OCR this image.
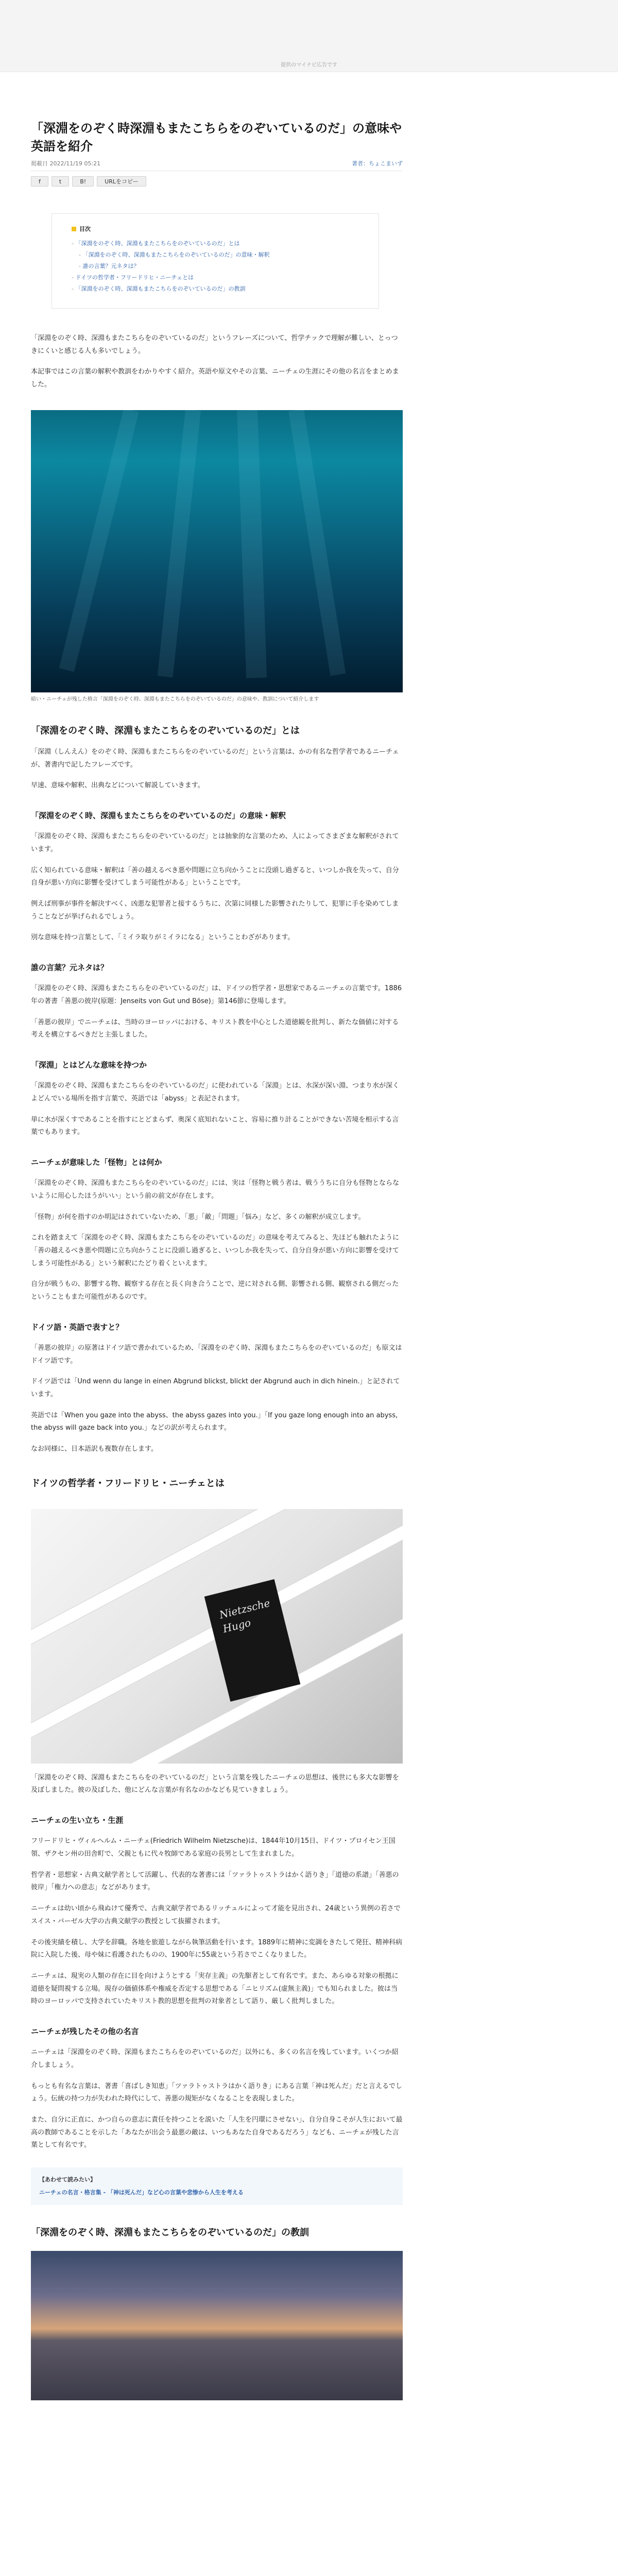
提供のマイナビ広告です
「深淵をのぞく時深淵もまたこちらをのぞいているのだ」の意味や英語を紹介
掲載日 2022/11/19 05:21	著者：ちょこまいず
f	t	B!	URLをコピー
目次
- 「深淵をのぞく時、深淵もまたこちらをのぞいているのだ」とは
- 「深淵をのぞく時、深淵もまたこちらをのぞいているのだ」の意味・解釈
- 誰の言葉？元ネタは？
- ドイツの哲学者・フリードリヒ・ニーチェとは
- 「深淵をのぞく時、深淵もまたこちらをのぞいているのだ」の教訓

「深淵をのぞく時、深淵もまたこちらをのぞいているのだ」というフレーズについて、哲学チックで理解が難しい、とっつきにくいと感じる人も多いでしょう。

本記事ではこの言葉の解釈や教訓をわかりやすく紹介。英語や原文やその言葉、ニーチェの生涯にその他の名言をまとめました。

暗い・ニーチェが残した格言「深淵をのぞく時、深淵もまたこちらをのぞいているのだ」の意味や、教訓について紹介します
「深淵をのぞく時、深淵もまたこちらをのぞいているのだ」とは

「深淵（しんえん）をのぞく時、深淵もまたこちらをのぞいているのだ」という言葉は、かの有名な哲学者であるニーチェが、著書内で記したフレーズです。

早速、意味や解釈、出典などについて解説していきます。

「深淵をのぞく時、深淵もまたこちらをのぞいているのだ」の意味・解釈

「深淵をのぞく時、深淵もまたこちらをのぞいているのだ」とは抽象的な言葉のため、人によってさまざまな解釈がされています。

広く知られている意味・解釈は「善の越えるべき悪や問題に立ち向かうことに没頭し過ぎると、いつしか我を失って、自分自身が悪い方向に影響を受けてしまう可能性がある」ということです。

例えば刑事が事件を解決すべく、凶悪な犯罪者と接するうちに、次第に同様した影響されたりして、犯罪に手を染めてしまうことなどが挙げられるでしょう。

別な意味を持つ言葉として、「ミイラ取りがミイラになる」ということわざがあります。

誰の言葉？元ネタは？

「深淵をのぞく時、深淵もまたこちらをのぞいているのだ」は、ドイツの哲学者・思想家であるニーチェの言葉です。1886年の著書「善悪の彼岸(原題：Jenseits von Gut und Böse)」第146節に登場します。

「善悪の彼岸」でニーチェは、当時のヨーロッパにおける、キリスト教を中心とした道徳観を批判し、新たな価値に対する考えを構立するべきだと主張しました。

「深淵」とはどんな意味を持つか

「深淵をのぞく時、深淵もまたこちらをのぞいているのだ」に使われている「深淵」とは、水深が深い淵、つまり水が深くよどんでいる場所を指す言葉で、英語では「abyss」と表記されます。

単に水が深くすであることを指すにとどまらず、奥深く底知れないこと、容易に推り計ることができない苦境を相示する言葉でもあります。

ニーチェが意味した「怪物」とは何か

「深淵をのぞく時、深淵もまたこちらをのぞいているのだ」には、実は「怪物と戦う者は、戦ううちに自分も怪物とならないように用心したほうがいい」という前の前文が存在します。

「怪物」が何を指すのか明記はされていないため、「悪」「敵」「問題」「悩み」など、多くの解釈が成立します。

これを踏まえて「深淵をのぞく時、深淵もまたこちらをのぞいているのだ」の意味を考えてみると、先ほども触れたように「善の越えるべき悪や問題に立ち向かうことに没頭し過ぎると、いつしか我を失って、自分自身が悪い方向に影響を受けてしまう可能性がある」という解釈にたどり着くといえます。

自分が戦うもの、影響する物、観察する存在と長く向き合うことで、逆に対される側、影響される側、観察される側だったということもまた可能性があるのです。

ドイツ語・英語で表すと？

「善悪の彼岸」の原著はドイツ語で書かれているため、「深淵をのぞく時、深淵もまたこちらをのぞいているのだ」も原文はドイツ語です。

ドイツ語では「Und wenn du lange in einen Abgrund blickst, blickt der Abgrund auch in dich hinein.」と記されています。

英語では「When you gaze into the abyss、the abyss gazes into you.」「If you gaze long enough into an abyss, the abyss will gaze back into you.」などの訳が考えられます。

なお同様に、日本語訳も複数存在します。

ドイツの哲学者・フリードリヒ・ニーチェとは
Nietzsche Hugo

「深淵をのぞく時、深淵もまたこちらをのぞいているのだ」という言葉を残したニーチェの思想は、後世にも多大な影響を及ぼしました。彼の及ぼした、他にどんな言葉が有名なのかなども見ていきましょう。

ニーチェの生い立ち・生涯

フリードリヒ・ヴィルヘルム・ニーチェ(Friedrich Wilhelm Nietzsche)は、1844年10月15日、ドイツ・プロイセン王国領、ザクセン州の田舎町で、父親ともに代々牧師である家庭の長男として生まれました。

哲学者・思想家・古典文献学者として活躍し、代表的な著書には「ツァラトゥストラはかく語りき」「道徳の系譜」「善悪の彼岸」「権力への意志」などがあります。

ニーチェは幼い頃から飛ぬけて優秀で、古典文献学者であるリッチュルによって才能を見出され、24歳という異例の若さでスイス・バーゼル大学の古典文献学の教授として抜擢されます。

その後実績を積し、大学を辞職。各地を旅遊しながら執筆活動を行います。1889年に精神に変調をきたして発狂、精神科病院に入院した後、母や妹に看護されたものの、1900年に55歳という若さでこくなりました。

ニーチェは、現実の人類の存在に目を向けようとする「実存主義」の先駆者として有名です。また、あらゆる対象の根拠に道徳を疑問視する立場。現存の価値体系や権威を否定する思想である「ニヒリズム(虚無主義)」でも知られました。彼は当時のヨーロッパで支持されていたキリスト教的思想を批判の対象者として語り、厳しく批判しました。

ニーチェが残したその他の名言

ニーチェは「深淵をのぞく時、深淵もまたこちらをのぞいているのだ」以外にも、多くの名言を残しています。いくつか紹介しましょう。

もっとも有名な言葉は、著書「喜ばしき知恵」「ツァラトゥストラはかく語りき」にある言葉「神は死んだ」だと言えるでしょう。伝統の持つ力が失われた時代にして、善悪の規矩がなくなることを表現しました。

また、自分に正直に、かつ自らの意志に責任を持つことを説いた「人生を円環にさせない」、自分自身こそが人生において最高の教師であることを示した「あなたが出会う最悪の敵は、いつもあなた自身であるだろう」なども、ニーチェが残した言葉として有名です。

【あわせて読みたい】
ニーチェの名言・格言集 - 「神は死んだ」など心の言葉や悲惨から人生を考える
「深淵をのぞく時、深淵もまたこちらをのぞいているのだ」の教訓
